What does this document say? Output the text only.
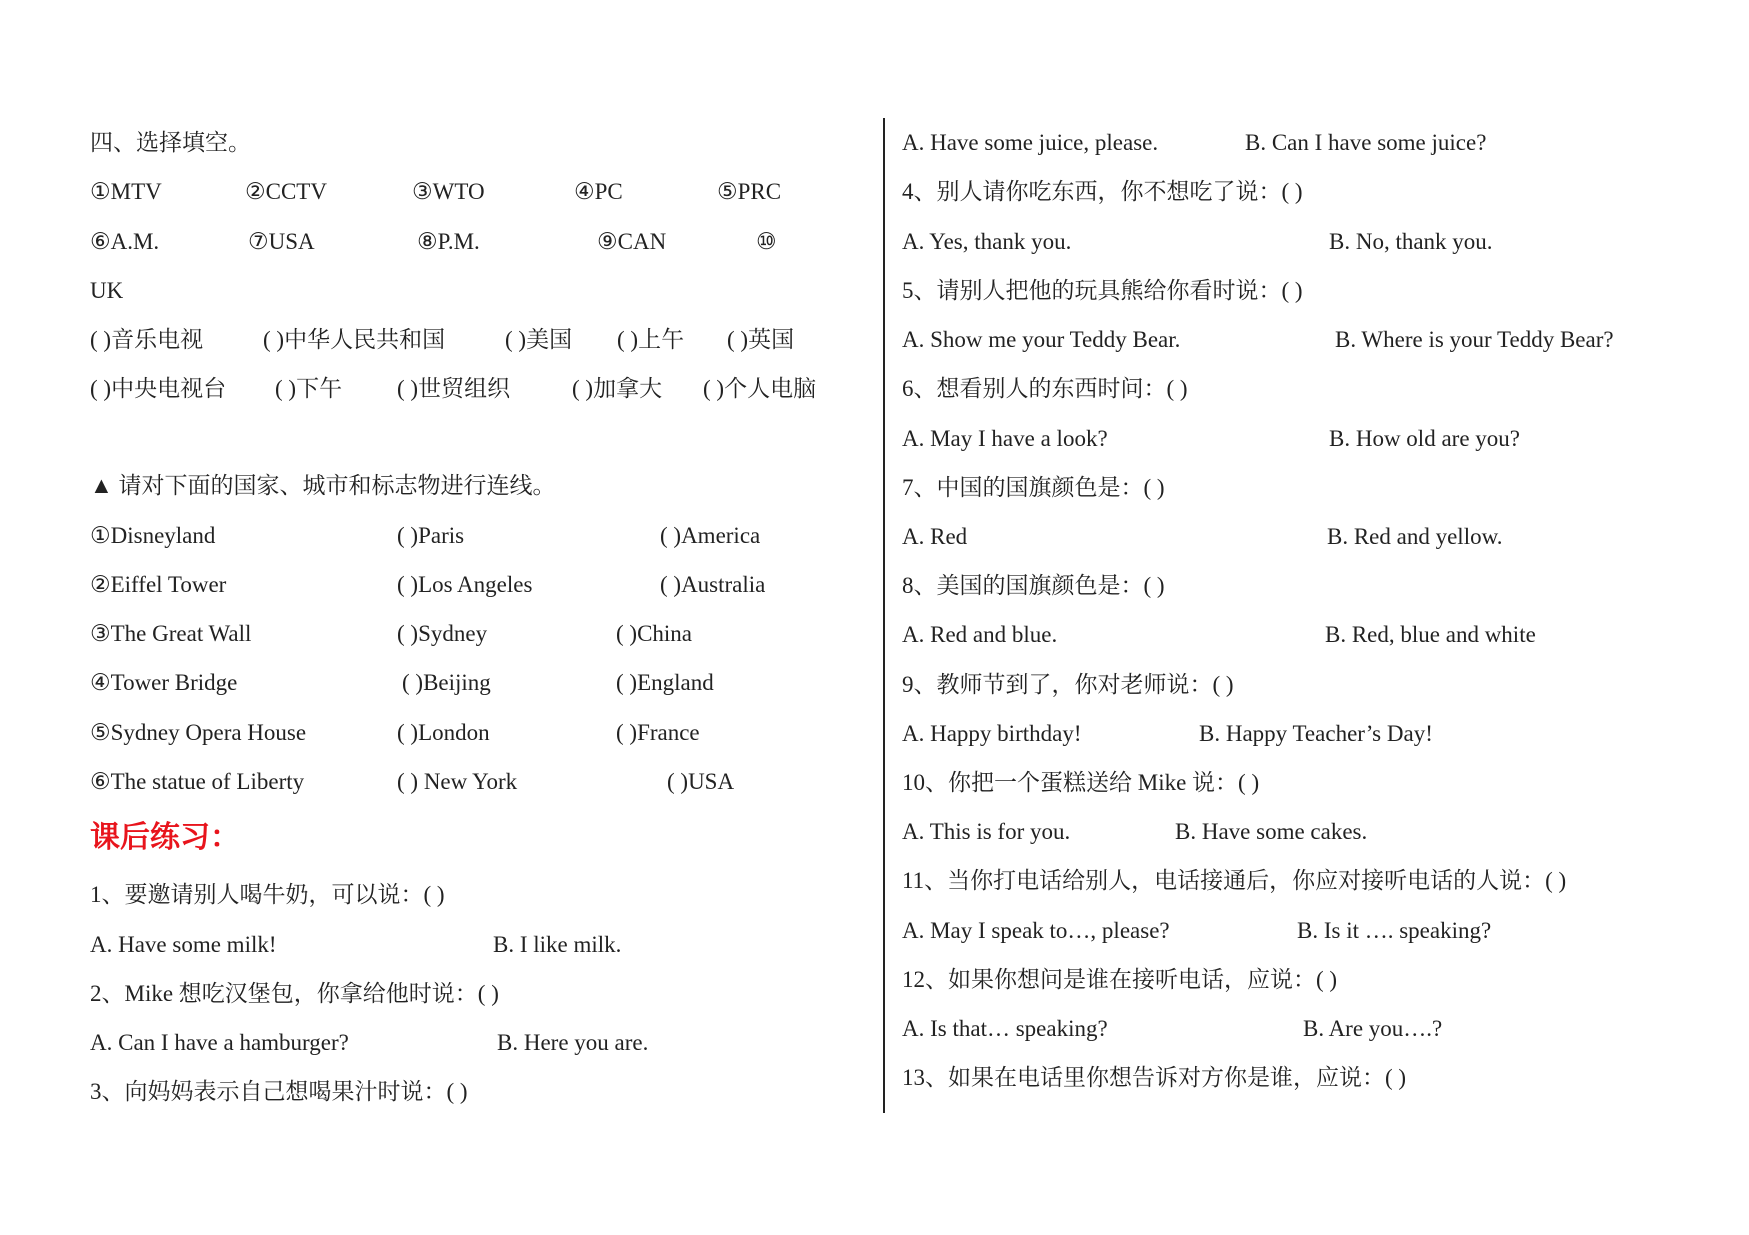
四、选择填空。
①MTV	②CCTV	③WTO	④PC	⑤PRC
⑥A.M.	⑦USA	⑧P.M.	⑨CAN	⑩
UK
( )音乐电视	( )中华人民共和国	( )美国 ( )上午 ( )英国
( )中央电视台 ( )下午 ( )世贸组织	( )加拿大 ( )个人电脑
▲ 请对下面的国家、城市和标志物进行连线。
①Disneyland	( )Paris	( )America
②Eiffel Tower	( )Los Angeles	( )Australia
③The Great Wall	( )Sydney	( )China
④Tower Bridge	( )Beijing	( )England
⑤Sydney Opera House	( )London	( )France
⑥The statue of Liberty	( ) New York	( )USA
课后练习：
1、要邀请别人喝牛奶，可以说：( )
A. Have some milk!	B. I like milk.
2、Mike 想吃汉堡包，你拿给他时说：( )
A. Can I have a hamburger?	B. Here you are.
3、向妈妈表示自己想喝果汁时说：( )
A. Have some juice, please.	B. Can I have some juice?
4、别人请你吃东西，你不想吃了说：( )
A. Yes, thank you.	B. No, thank you.
5、请别人把他的玩具熊给你看时说：( )
A. Show me your Teddy Bear.	B. Where is your Teddy Bear?
6、想看别人的东西时问：( )
A. May I have a look?	B. How old are you?
7、中国的国旗颜色是：( )
A. Red	B. Red and yellow.
8、美国的国旗颜色是：( )
A. Red and blue.	B. Red, blue and white
9、教师节到了，你对老师说：( )
A. Happy birthday!	B. Happy Teacher’s Day!
10、你把一个蛋糕送给 Mike 说：( )
A. This is for you.	B. Have some cakes.
11、当你打电话给别人，电话接通后，你应对接听电话的人说：( )
A. May I speak to…, please?	B. Is it …. speaking?
12、如果你想问是谁在接听电话，应说：( )
A. Is that… speaking?	B. Are you….?
13、如果在电话里你想告诉对方你是谁，应说：( )
